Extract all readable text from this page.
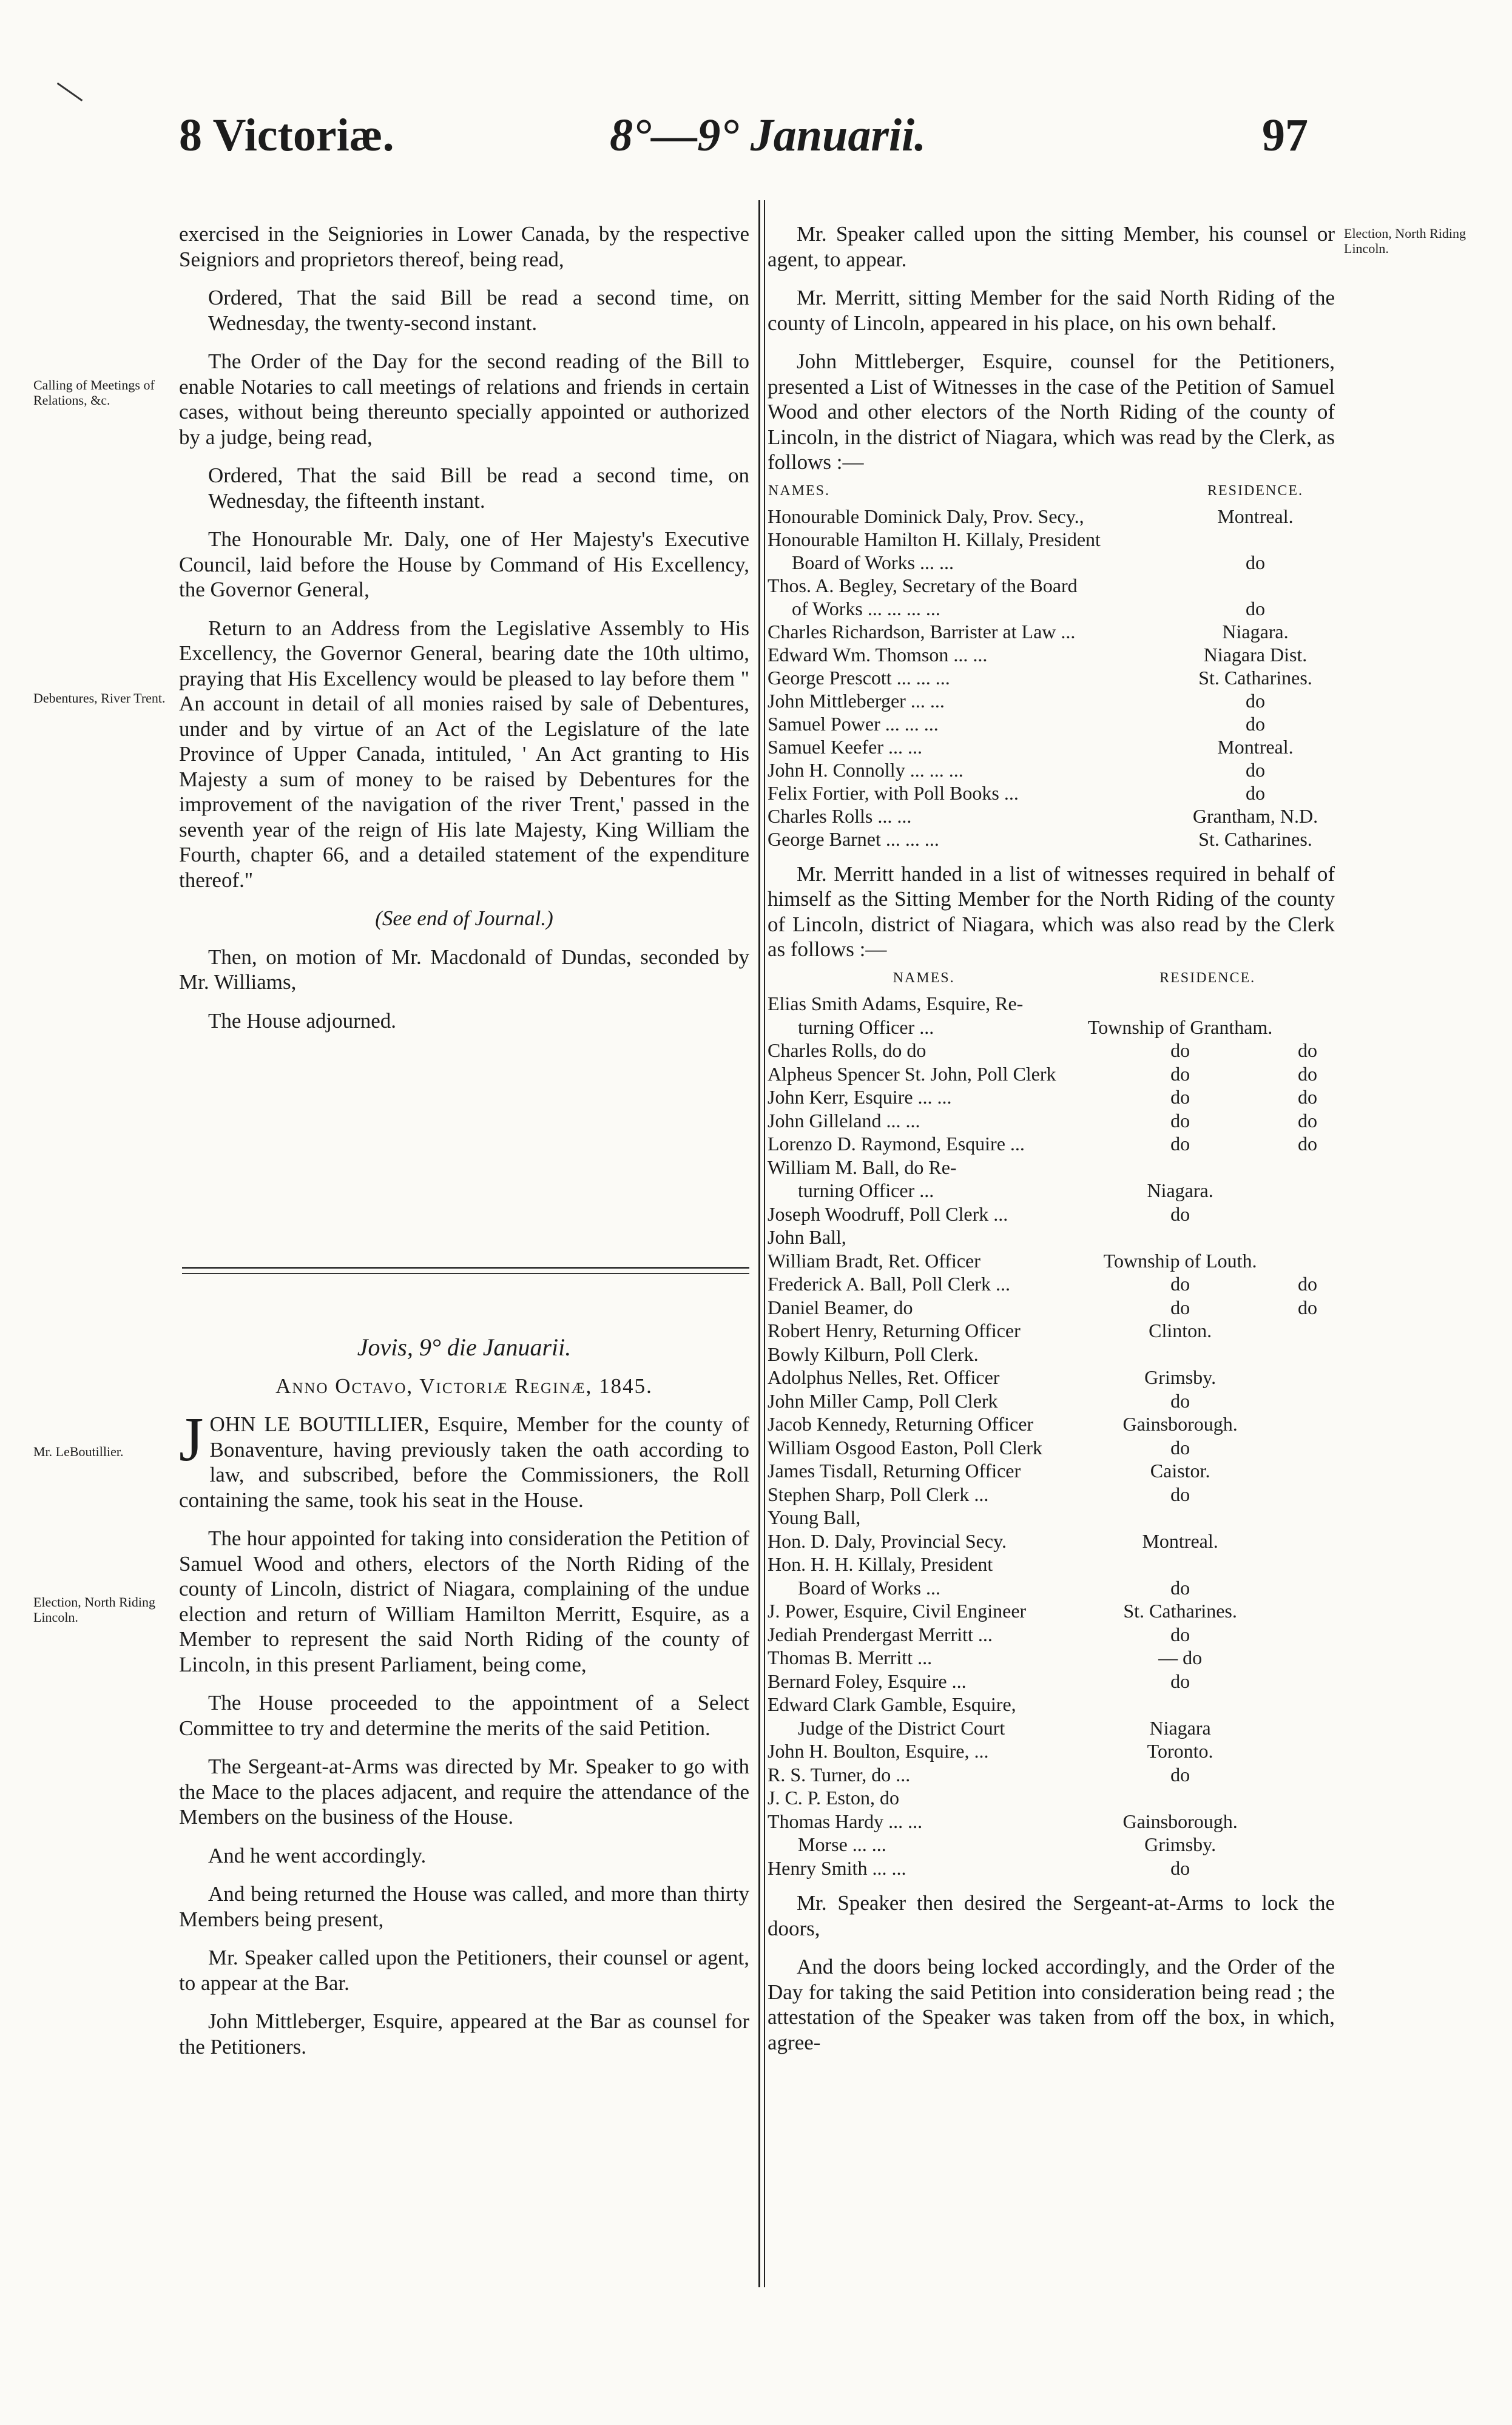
8 Victoriæ.	8°—9° Januarii.	97
Calling of Meetings of Relations, &c.
Debentures, River Trent.
Mr. LeBoutillier.
Election, North Riding Lincoln.
Election, North Riding Lincoln.

exercised in the Seigniories in Lower Canada, by the respective Seigniors and proprietors thereof, being read,

Ordered, That the said Bill be read a second time, on Wednesday, the twenty-second instant.

The Order of the Day for the second reading of the Bill to enable Notaries to call meetings of relations and friends in certain cases, without being thereunto specially appointed or authorized by a judge, being read,

Ordered, That the said Bill be read a second time, on Wednesday, the fifteenth instant.

The Honourable Mr. Daly, one of Her Majesty's Executive Council, laid before the House by Command of His Excellency, the Governor General,

Return to an Address from the Legislative Assembly to His Excellency, the Governor General, bearing date the 10th ultimo, praying that His Excellency would be pleased to lay before them " An account in detail of all monies raised by sale of Debentures, under and by virtue of an Act of the Legislature of the late Province of Upper Canada, intituled, ' An Act granting to His Majesty a sum of money to be raised by Debentures for the improvement of the navigation of the river Trent,' passed in the seventh year of the reign of His late Majesty, King William the Fourth, chapter 66, and a detailed statement of the expenditure thereof."

(See end of Journal.)

Then, on motion of Mr. Macdonald of Dundas, seconded by Mr. Williams,

The House adjourned.

Jovis, 9° die Januarii.

Anno Octavo, Victoriæ Reginæ, 1845.

JOHN LE BOUTILLIER, Esquire, Member for the county of Bonaventure, having previously taken the oath according to law, and subscribed, before the Commissioners, the Roll containing the same, took his seat in the House.

The hour appointed for taking into consideration the Petition of Samuel Wood and others, electors of the North Riding of the county of Lincoln, district of Niagara, complaining of the undue election and return of William Hamilton Merritt, Esquire, as a Member to represent the said North Riding of the county of Lincoln, in this present Parliament, being come,

The House proceeded to the appointment of a Select Committee to try and determine the merits of the said Petition.

The Sergeant-at-Arms was directed by Mr. Speaker to go with the Mace to the places adjacent, and require the attendance of the Members on the business of the House.

And he went accordingly.

And being returned the House was called, and more than thirty Members being present,

Mr. Speaker called upon the Petitioners, their counsel or agent, to appear at the Bar.

John Mittleberger, Esquire, appeared at the Bar as counsel for the Petitioners.

Mr. Speaker called upon the sitting Member, his counsel or agent, to appear.

Mr. Merritt, sitting Member for the said North Riding of the county of Lincoln, appeared in his place, on his own behalf.

John Mittleberger, Esquire, counsel for the Petitioners, presented a List of Witnesses in the case of the Petition of Samuel Wood and other electors of the North Riding of the county of Lincoln, in the district of Niagara, which was read by the Clerk, as follows :—

NAMES.	RESIDENCE.
Honourable Dominick Daly, Prov. Secy.,	Montreal.
Honourable Hamilton H. Killaly, President	
Board of Works ... ...	do
Thos. A. Begley, Secretary of the Board	
of Works ... ... ... ...	do
Charles Richardson, Barrister at Law ...	Niagara.
Edward Wm. Thomson ... ...	Niagara Dist.
George Prescott ... ... ...	St. Catharines.
John Mittleberger ... ...	do
Samuel Power ... ... ...	do
Samuel Keefer ... ...	Montreal.
John H. Connolly ... ... ...	do
Felix Fortier, with Poll Books ...	do
Charles Rolls ... ...	Grantham, N.D.
George Barnet ... ... ...	St. Catharines.

Mr. Merritt handed in a list of witnesses required in behalf of himself as the Sitting Member for the North Riding of the county of Lincoln, district of Niagara, which was also read by the Clerk as follows :—

NAMES.	RESIDENCE.	
Elias Smith Adams, Esquire, Re-		
turning Officer ...	Township of Grantham.	
Charles Rolls, do do	do	do
Alpheus Spencer St. John, Poll Clerk	do	do
John Kerr, Esquire ... ...	do	do
John Gilleland ... ...	do	do
Lorenzo D. Raymond, Esquire ...	do	do
William M. Ball, do Re-		
turning Officer ...	Niagara.	
Joseph Woodruff, Poll Clerk ...	do	
John Ball,		
William Bradt, Ret. Officer	Township of Louth.	
Frederick A. Ball, Poll Clerk ...	do	do
Daniel Beamer, do	do	do
Robert Henry, Returning Officer	Clinton.	
Bowly Kilburn, Poll Clerk.		
Adolphus Nelles, Ret. Officer	Grimsby.	
John Miller Camp, Poll Clerk	do	
Jacob Kennedy, Returning Officer	Gainsborough.	
William Osgood Easton, Poll Clerk	do	
James Tisdall, Returning Officer	Caistor.	
Stephen Sharp, Poll Clerk ...	do	
Young Ball,		
Hon. D. Daly, Provincial Secy.	Montreal.	
Hon. H. H. Killaly, President		
Board of Works ...	do	
J. Power, Esquire, Civil Engineer	St. Catharines.	
Jediah Prendergast Merritt ...	do	
Thomas B. Merritt ...	— do	
Bernard Foley, Esquire ...	do	
Edward Clark Gamble, Esquire,		
Judge of the District Court	Niagara	
John H. Boulton, Esquire, ...	Toronto.	
R. S. Turner, do ...	do	
J. C. P. Eston, do		
Thomas Hardy ... ...	Gainsborough.	
Morse ... ...	Grimsby.	
Henry Smith ... ...	do	

Mr. Speaker then desired the Sergeant-at-Arms to lock the doors,

And the doors being locked accordingly, and the Order of the Day for taking the said Petition into consideration being read ; the attestation of the Speaker was taken from off the box, in which, agree-
